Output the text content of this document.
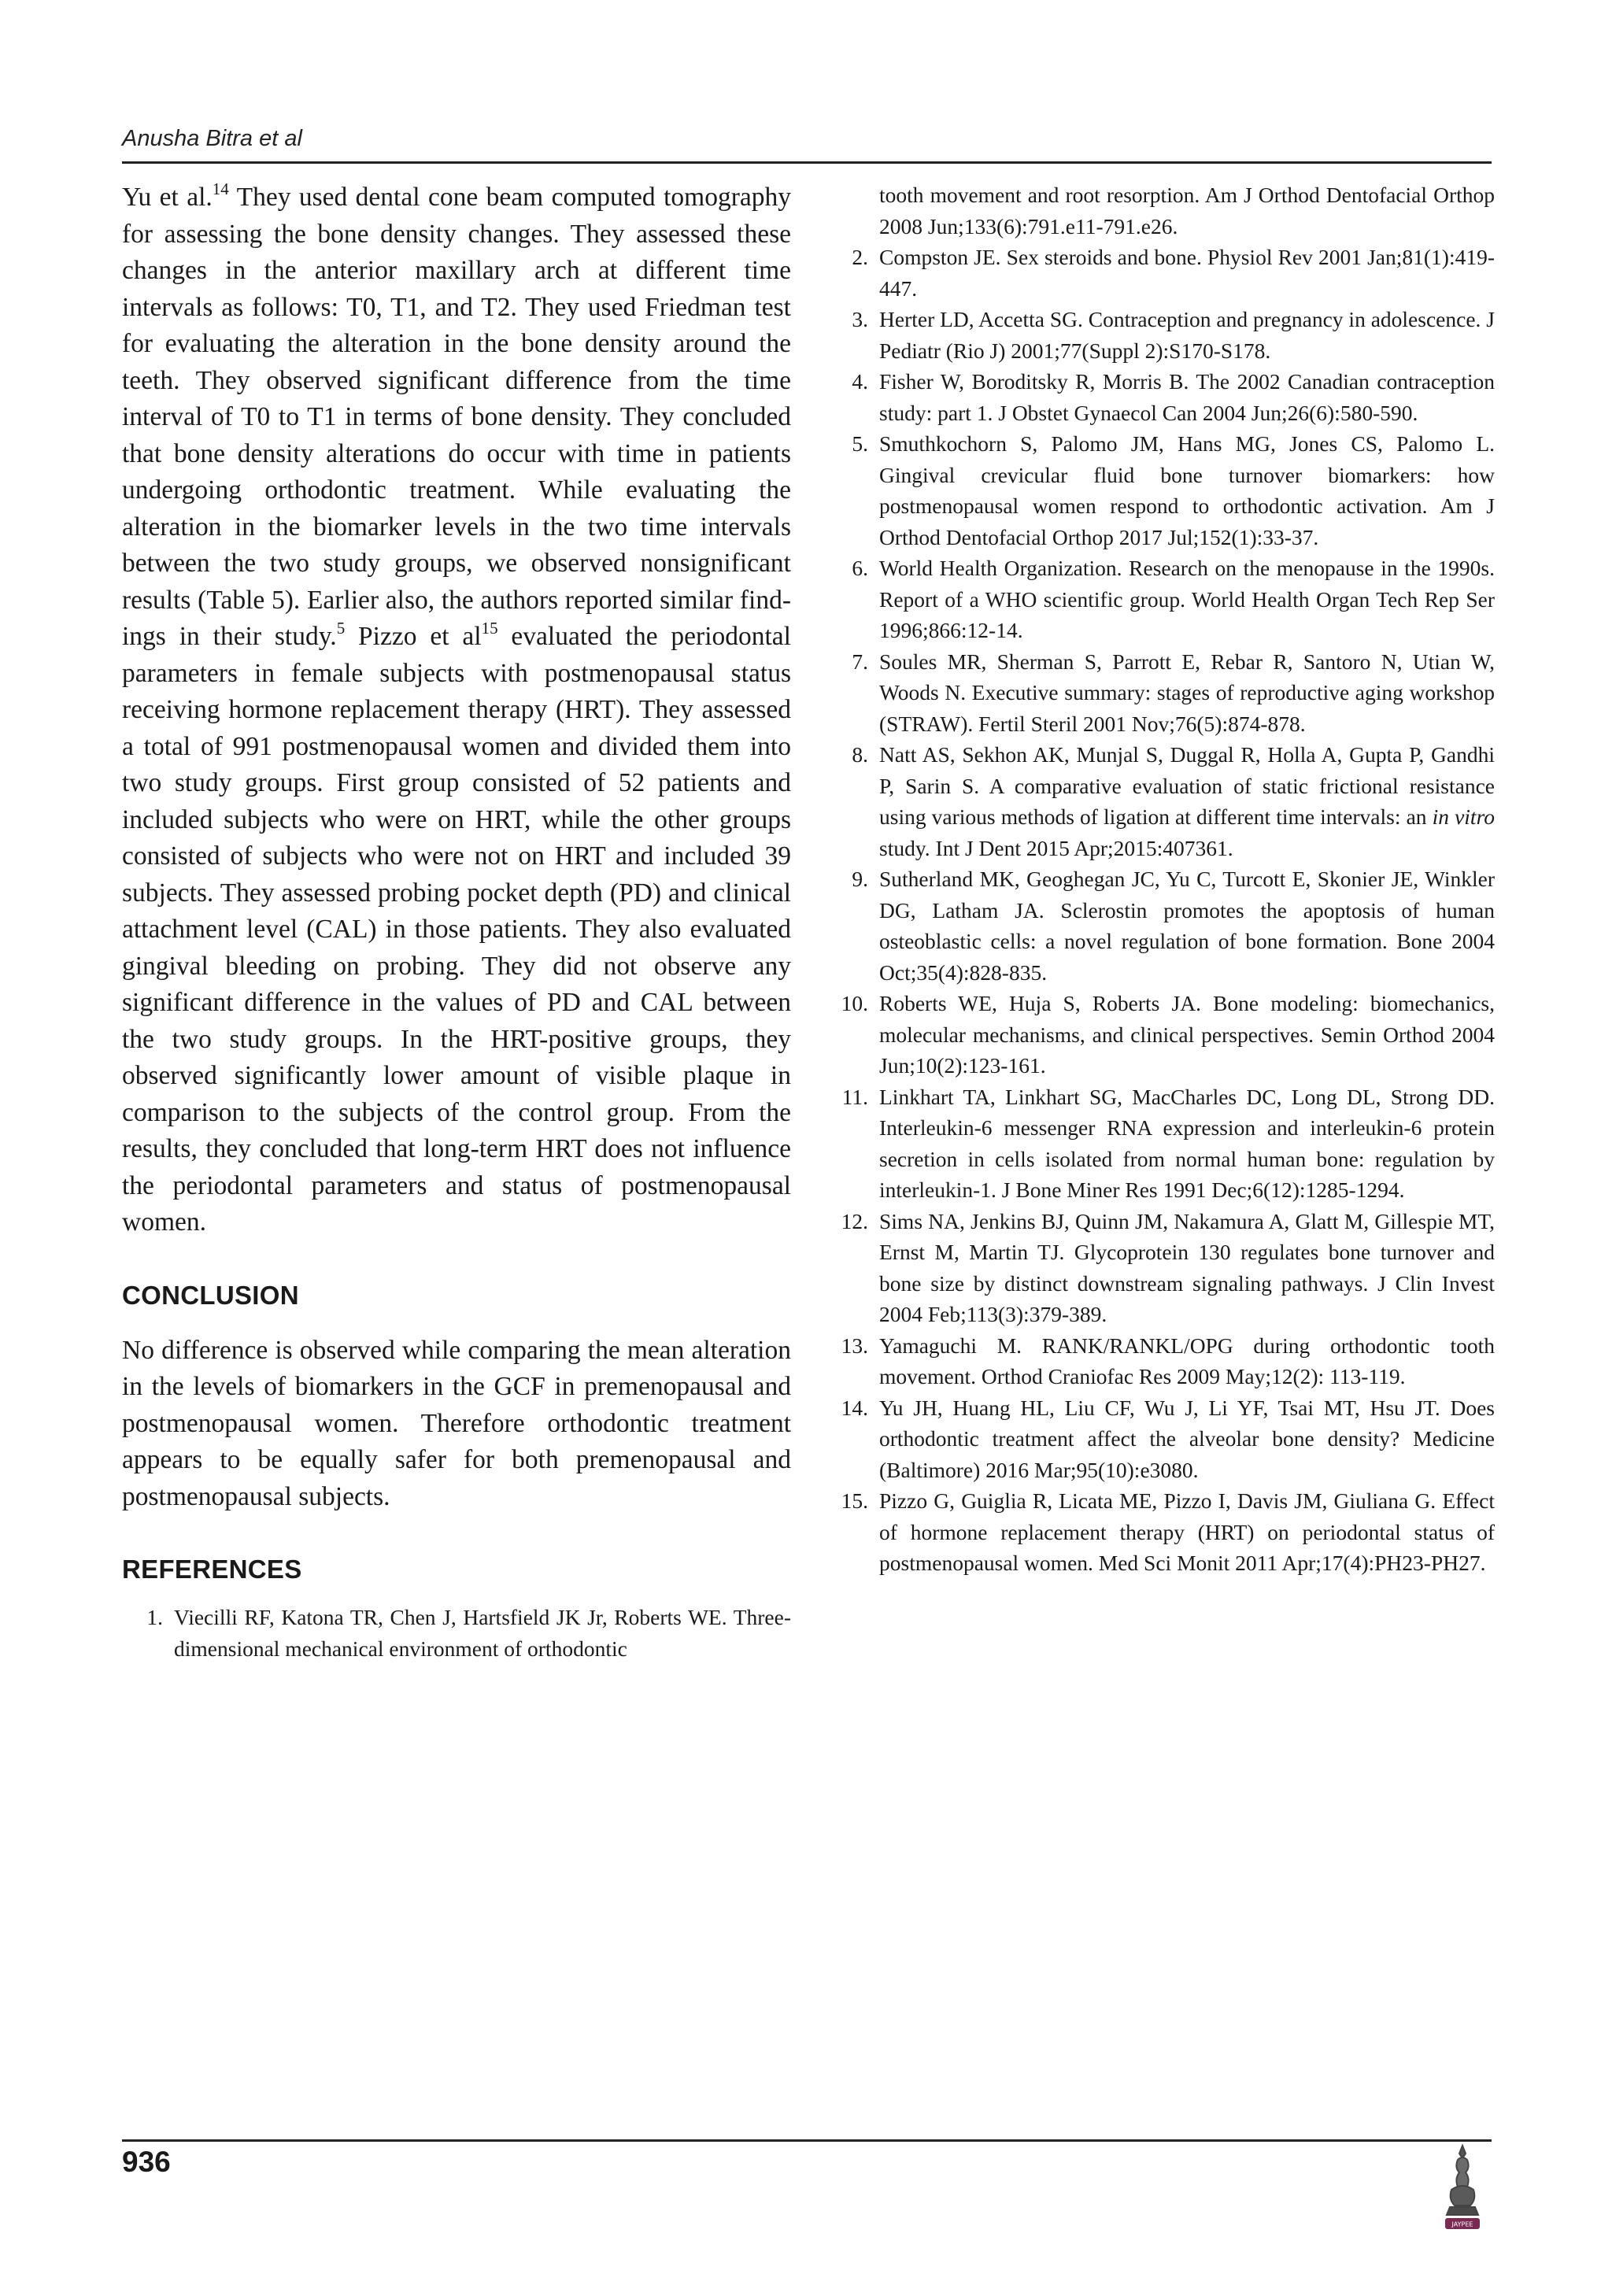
Anusha Bitra et al

Yu et al.$^{14}$ They used dental cone beam computed tomography for assessing the bone density changes. They assessed these changes in the anterior maxillary arch at different time intervals as follows: T0, T1, and T2. They used Friedman test for evaluating the alteration in the bone density around the teeth. They observed significant difference from the time interval of T0 to T1 in terms of bone density. They concluded that bone density alterations do occur with time in patients undergoing orthodontic treatment. While evaluating the alteration in the biomarker levels in the two time intervals between the two study groups, we observed nonsignificant results (Table 5). Earlier also, the authors reported similar findings in their study.$^5$ Pizzo et $al^{15}$ evaluated the periodontal parameters in female subjects with postmenopausal status receiving hormone replacement therapy (HRT). They assessed a total of 991 postmenopausal women and divided them into two study groups. First group consisted of 52 patients and included subjects who were on HRT, while the other groups consisted of subjects who were not on HRT and included 39 subjects. They assessed probing pocket depth (PD) and clinical attachment level (CAL) in those patients. They also evaluated gingival bleeding on probing. They did not observe any significant difference in the values of PD and CAL between the two study groups. In the HRT-positive groups, they observed significantly lower amount of visible plaque in comparison to the subjects of the control group. From the results, they concluded that long-term HRT does not influence the periodontal parameters and status of postmenopausal women.

CONCLUSION

No difference is observed while comparing the mean alteration in the levels of biomarkers in the GCF in premenopausal and postmenopausal women. Therefore orthodontic treatment appears to be equally safer for both premenopausal and postmenopausal subjects.

REFERENCES
1. Viecilli RF, Katona TR, Chen J, Hartsfield JK Jr, Roberts WE. Three-dimensional mechanical environment of orthodontic

tooth movement and root resorption. Am J Orthod Dentofacial Orthop 2008 Jun;133(6):791.e11-791.e26.

2. Compston JE. Sex steroids and bone. Physiol Rev 2001 Jan;81(1):419-447.
3. Herter LD, Accetta SG. Contraception and pregnancy in adolescence. J Pediatr (Rio J) 2001;77(Suppl 2):S170-S178.
4. Fisher W, Boroditsky R, Morris B. The 2002 Canadian contraception study: part 1. J Obstet Gynaecol Can 2004 Jun;26(6):580-590.
5. Smuthkochorn S, Palomo JM, Hans MG, Jones CS, Palomo L. Gingival crevicular fluid bone turnover biomarkers: how postmenopausal women respond to orthodontic activation. Am J Orthod Dentofacial Orthop 2017 Jul;152(1):33-37.
6. World Health Organization. Research on the menopause in the 1990s. Report of a WHO scientific group. World Health Organ Tech Rep Ser 1996;866:12-14.
7. Soules MR, Sherman S, Parrott E, Rebar R, Santoro N, Utian W, Woods N. Executive summary: stages of reproductive aging workshop (STRAW). Fertil Steril 2001 Nov;76(5):874-878.
8. Natt AS, Sekhon AK, Munjal S, Duggal R, Holla A, Gupta P, Gandhi P, Sarin S. A comparative evaluation of static frictional resistance using various methods of ligation at different time intervals: an in vitro study. Int J Dent 2015 Apr;2015:407361.
9. Sutherland MK, Geoghegan JC, Yu C, Turcott E, Skonier JE, Winkler DG, Latham JA. Sclerostin promotes the apoptosis of human osteoblastic cells: a novel regulation of bone formation. Bone 2004 Oct;35(4):828-835.
10. Roberts WE, Huja S, Roberts JA. Bone modeling: biomechanics, molecular mechanisms, and clinical perspectives. Semin Orthod 2004 Jun;10(2):123-161.
11. Linkhart TA, Linkhart SG, MacCharles DC, Long DL, Strong DD. Interleukin-6 messenger RNA expression and interleukin-6 protein secretion in cells isolated from normal human bone: regulation by interleukin-1. J Bone Miner Res 1991 Dec;6(12):1285-1294.
12. Sims NA, Jenkins BJ, Quinn JM, Nakamura A, Glatt M, Gillespie MT, Ernst M, Martin TJ. Glycoprotein 130 regulates bone turnover and bone size by distinct downstream signaling pathways. J Clin Invest 2004 Feb;113(3):379-389.
13. Yamaguchi M. RANK/RANKL/OPG during orthodontic tooth movement. Orthod Craniofac Res 2009 May;12(2): 113-119.
14. Yu JH, Huang HL, Liu CF, Wu J, Li YF, Tsai MT, Hsu JT. Does orthodontic treatment affect the alveolar bone density? Medicine (Baltimore) 2016 Mar;95(10):e3080.
15. Pizzo G, Guiglia R, Licata ME, Pizzo I, Davis JM, Giuliana G. Effect of hormone replacement therapy (HRT) on periodontal status of postmenopausal women. Med Sci Monit 2011 Apr;17(4):PH23-PH27.
936
JAYPEE
